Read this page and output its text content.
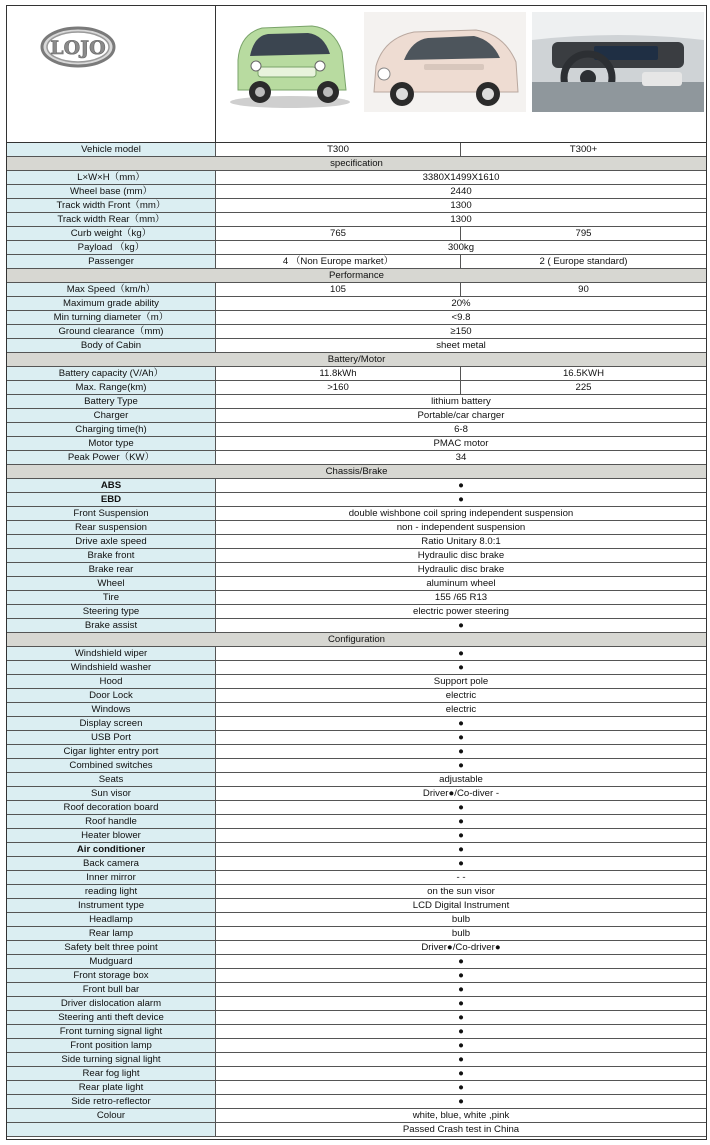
LOJO
Vehicle model	T300	T300+
specification
L×W×H（mm）	3380X1499X1610
Wheel base (mm）	2440
Track width Front（mm）	1300
Track width Rear（mm）	1300
Curb weight（kg）	765	795
Payload （kg）	300kg
Passenger	4 （Non Europe market）	2 ( Europe standard)
Performance
Max Speed（km/h）	105	90
Maximum grade ability	20%
Min turning diameter（m）	<9.8
Ground clearance（mm)	≥150
Body of Cabin	sheet metal
Battery/Motor
Battery capacity (V/Ah）	11.8kWh	16.5KWH
Max. Range(km)	>160	225
Battery Type	lithium battery
Charger	Portable/car charger
Charging time(h)	6-8
Motor type	PMAC motor
Peak Power（KW）	34
Chassis/Brake
ABS	●
EBD	●
Front Suspension	double wishbone coil spring independent suspension
Rear suspension	non - independent suspension
Drive axle speed	Ratio Unitary 8.0:1
Brake front	Hydraulic disc brake
Brake rear	Hydraulic disc brake
Wheel	aluminum wheel
Tire	155 /65 R13
Steering type	electric power steering
Brake assist	●
Configuration
Windshield wiper	●
Windshield washer	●
Hood	Support pole
Door Lock	electric
Windows	electric
Display screen	●
USB Port	●
Cigar lighter entry port	●
Combined switches	●
Seats	adjustable
Sun visor	Driver●/Co-diver -
Roof decoration board	●
Roof handle	●
Heater blower	●
Air conditioner	●
Back camera	●
Inner mirror	- -
reading light	on the sun visor
Instrument type	LCD Digital Instrument
Headlamp	bulb
Rear lamp	bulb
Safety belt three point	Driver●/Co-driver●
Mudguard	●
Front storage box	●
Front bull bar	●
Driver dislocation alarm	●
Steering anti theft device	●
Front turning signal light	●
Front position lamp	●
Side turning signal light	●
Rear fog light	●
Rear plate light	●
Side retro-reflector	●
Colour	white, blue, white ,pink
Passed Crash test in China
